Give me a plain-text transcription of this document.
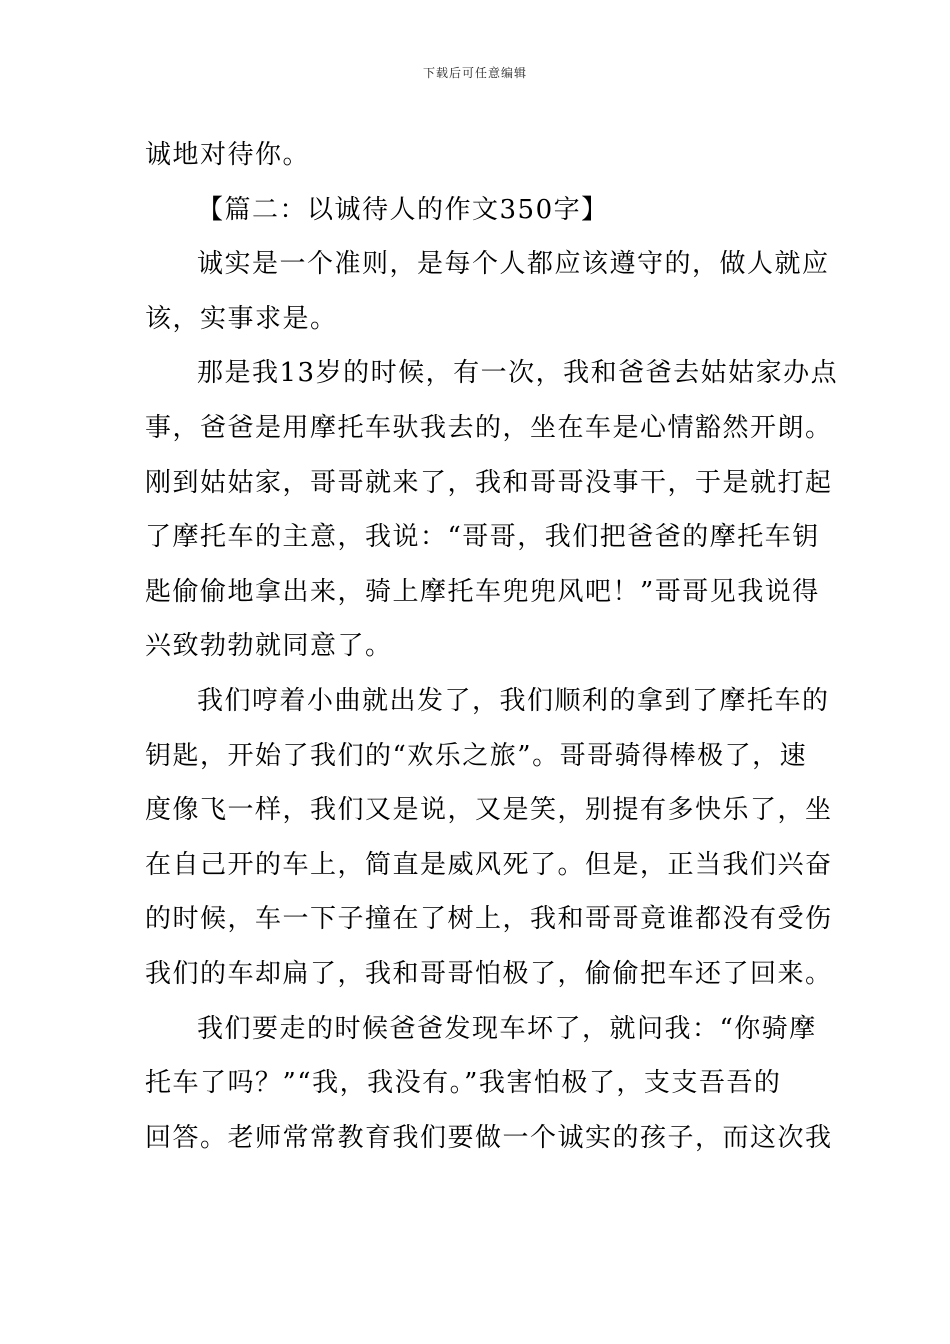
下载后可任意编辑
诚地对待你。
【篇二：以诚待人的作文350字】
诚实是一个准则，是每个人都应该遵守的，做人就应
该，实事求是。
那是我13岁的时候，有一次，我和爸爸去姑姑家办点
事，爸爸是用摩托车驮我去的，坐在车是心情豁然开朗。
刚到姑姑家，哥哥就来了，我和哥哥没事干，于是就打起
了摩托车的主意，我说：“哥哥，我们把爸爸的摩托车钥
匙偷偷地拿出来，骑上摩托车兜兜风吧！”哥哥见我说得
兴致勃勃就同意了。
我们哼着小曲就出发了，我们顺利的拿到了摩托车的
钥匙，开始了我们的“欢乐之旅”。哥哥骑得棒极了，速
度像飞一样，我们又是说，又是笑，别提有多快乐了，坐
在自己开的车上，简直是威风死了。但是，正当我们兴奋
的时候，车一下子撞在了树上，我和哥哥竟谁都没有受伤
我们的车却扁了，我和哥哥怕极了，偷偷把车还了回来。
我们要走的时候爸爸发现车坏了，就问我：“你骑摩
托车了吗？”“我，我没有。”我害怕极了，支支吾吾的
回答。老师常常教育我们要做一个诚实的孩子，而这次我
